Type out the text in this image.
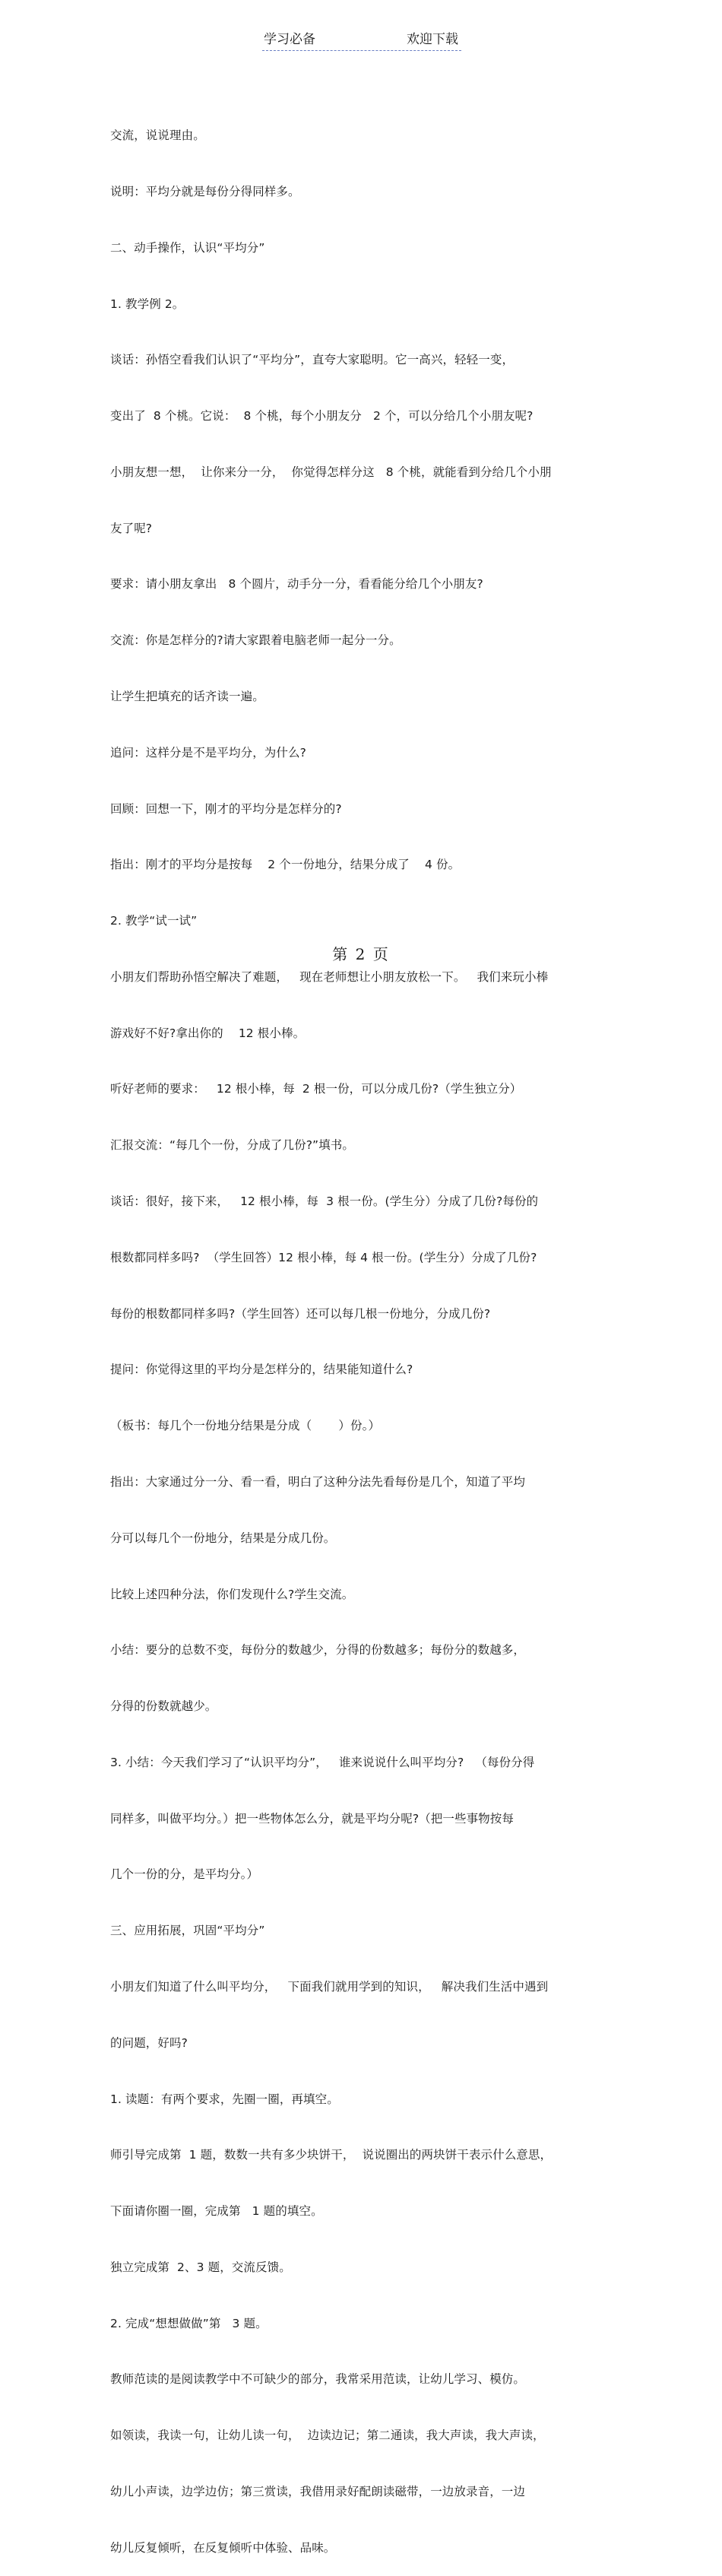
学习必备	欢迎下载

交流，说说理由。

说明：平均分就是每份分得同样多。

二、动手操作，认识“平均分”

1. 教学例 2。

谈话：孙悟空看我们认识了“平均分”，直夸大家聪明。它一高兴，轻轻一变，

变出了  8 个桃。它说：  8 个桃，每个小朋友分   2 个，可以分给几个小朋友呢?

小朋友想一想，  让你来分一分，  你觉得怎样分这   8 个桃，就能看到分给几个小朋

友了呢?

要求：请小朋友拿出   8 个圆片，动手分一分，看看能分给几个小朋友?

交流：你是怎样分的?请大家跟着电脑老师一起分一分。

让学生把填充的话齐读一遍。

追问：这样分是不是平均分，为什么?

回顾：回想一下，刚才的平均分是怎样分的?

指出：刚才的平均分是按每    2 个一份地分，结果分成了    4 份。

2. 教学“试一试”

小朋友们帮助孙悟空解决了难题，   现在老师想让小朋友放松一下。   我们来玩小棒

游戏好不好?拿出你的    12 根小棒。

听好老师的要求：   12 根小棒，每  2 根一份，可以分成几份?（学生独立分）

汇报交流：“每几个一份，分成了几份?”填书。

谈话：很好，接下来，   12 根小棒，每  3 根一份。(学生分）分成了几份?每份的

根数都同样多吗?  （学生回答）12 根小棒，每 4 根一份。(学生分）分成了几份?

每份的根数都同样多吗?（学生回答）还可以每几根一份地分，分成几份?

提问：你觉得这里的平均分是怎样分的，结果能知道什么?

（板书：每几个一份地分结果是分成（       ）份。）

指出：大家通过分一分、看一看，明白了这种分法先看每份是几个，知道了平均

分可以每几个一份地分，结果是分成几份。

比较上述四种分法，你们发现什么?学生交流。

小结：要分的总数不变，每份分的数越少，分得的份数越多；每份分的数越多，

分得的份数就越少。

3. 小结：今天我们学习了“认识平均分”，   谁来说说什么叫平均分?   （每份分得

同样多，叫做平均分。）把一些物体怎么分，就是平均分呢?（把一些事物按每

几个一份的分，是平均分。）

三、应用拓展，巩固“平均分”

小朋友们知道了什么叫平均分，   下面我们就用学到的知识，   解决我们生活中遇到

的问题，好吗?

1. 读题：有两个要求，先圈一圈，再填空。

师引导完成第  1 题，数数一共有多少块饼干，  说说圈出的两块饼干表示什么意思，

下面请你圈一圈，完成第   1 题的填空。

独立完成第  2、3 题，交流反馈。

2. 完成“想想做做”第   3 题。

教师范读的是阅读教学中不可缺少的部分，我常采用范读，让幼儿学习、模仿。

如领读，我读一句，让幼儿读一句，  边读边记；第二通读，我大声读，我大声读，

幼儿小声读，边学边仿；第三赏读，我借用录好配朗读磁带，一边放录音，一边

幼儿反复倾听，在反复倾听中体验、品味。

第 2 页
